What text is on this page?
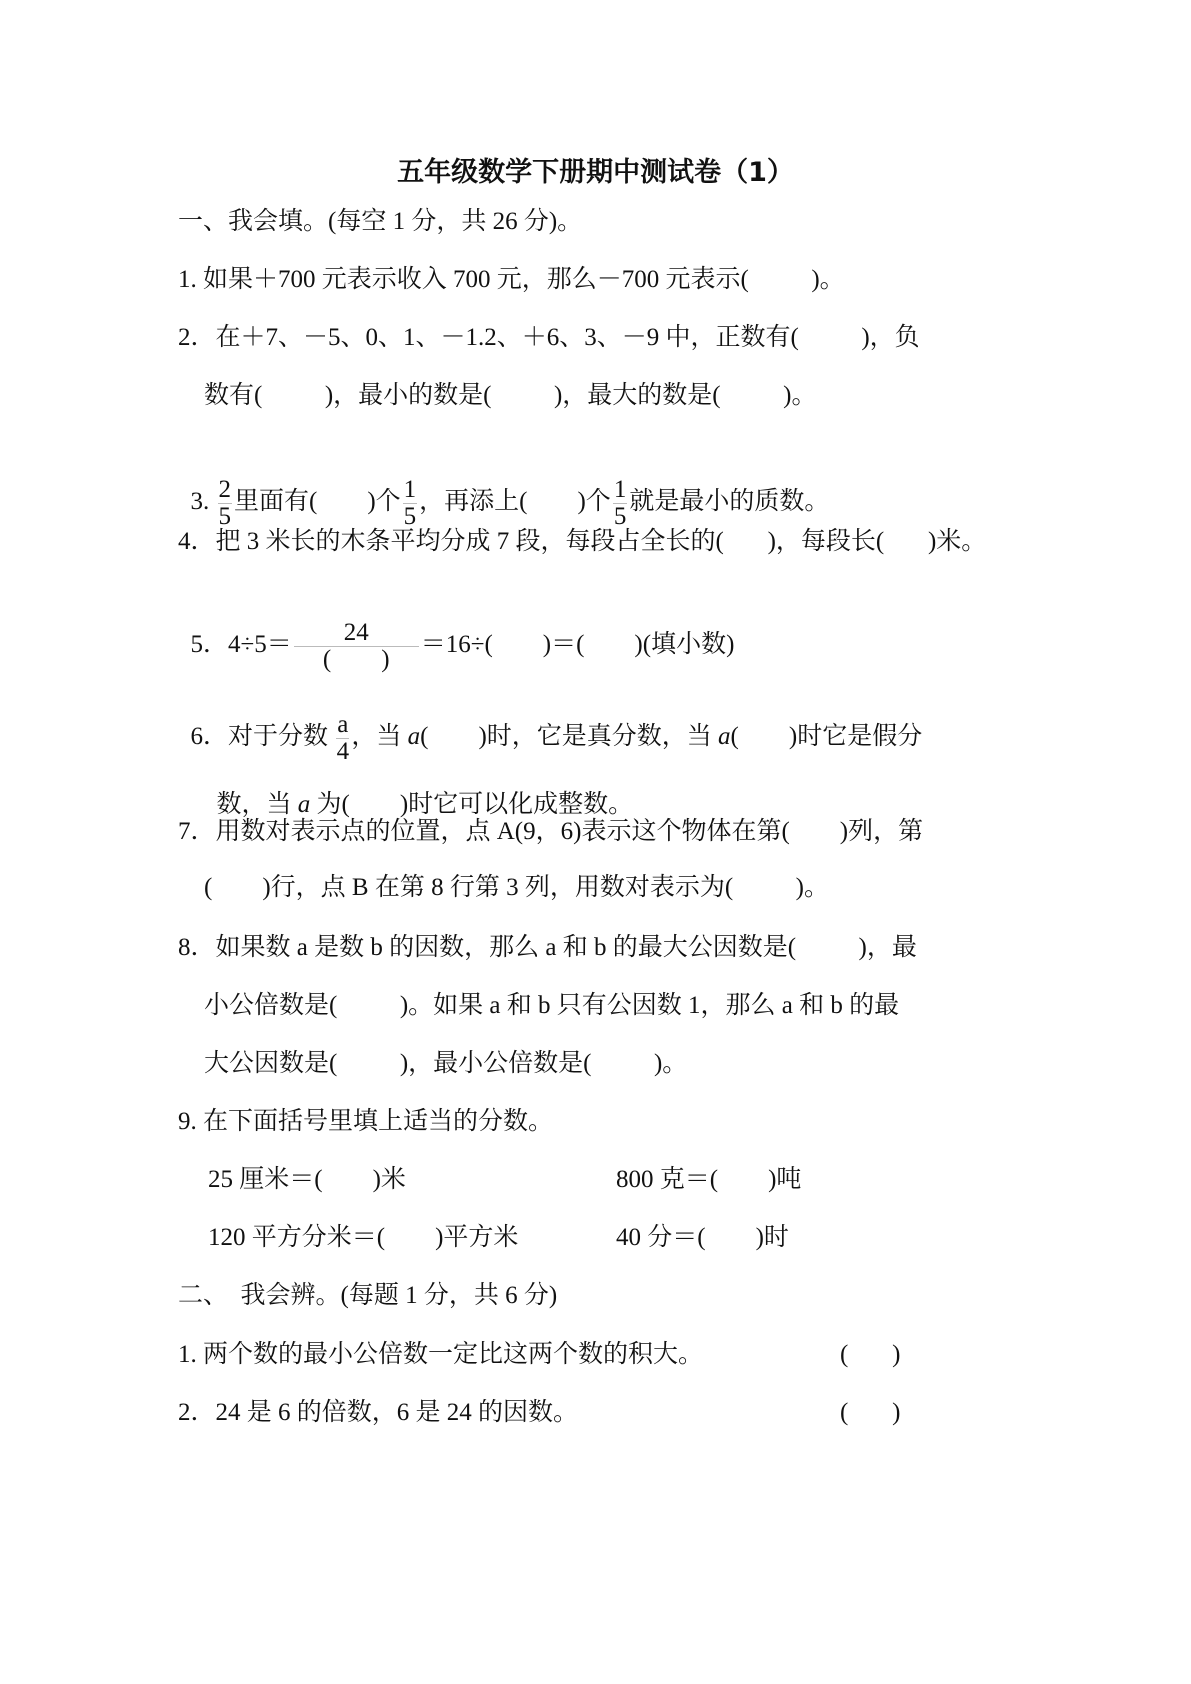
五年级数学下册期中测试卷（1）
一、我会填。(每空 1 分，共 26 分)。
1. 如果＋700 元表示收入 700 元，那么－700 元表示(          )。
2．在＋7、－5、0、1、－1.2、＋6、3、－9 中，正数有(          )，负
数有(          )，最小的数是(          )，最大的数是(          )。

3. $\frac{2}{5}$ 里面有(        )个 $\frac{1}{5}$ ，再添上(        )个 $\frac{1}{5}$ 就是最小的质数。

4．把 3 米长的木条平均分成 7 段，每段占全长的(       )，每段长(       )米。

5．$4\div 5= \frac{24}{( )} =16\div$(        )＝(        )(填小数)

6．对于分数 $\frac{a}{4}$ ，当 a(        )时，它是真分数，当 a(        )时它是假分

数，当 a 为(        )时它可以化成整数。

7．用数对表示点的位置，点 A(9，6)表示这个物体在第(        )列，第
(        )行，点 B 在第 8 行第 3 列，用数对表示为(          )。
8．如果数 a 是数 b 的因数，那么 a 和 b 的最大公因数是(          )，最
小公倍数是(          )。如果 a 和 b 只有公因数 1，那么 a 和 b 的最
大公因数是(          )，最小公倍数是(          )。
9. 在下面括号里填上适当的分数。
25 厘米＝(        )米	800 克＝(        )吨
120 平方分米＝(        )平方米	40 分＝(        )时
二、  我会辨。(每题 1 分，共 6 分)
1. 两个数的最小公倍数一定比这两个数的积大。	(       )
2．24 是 6 的倍数，6 是 24 的因数。	(       )
